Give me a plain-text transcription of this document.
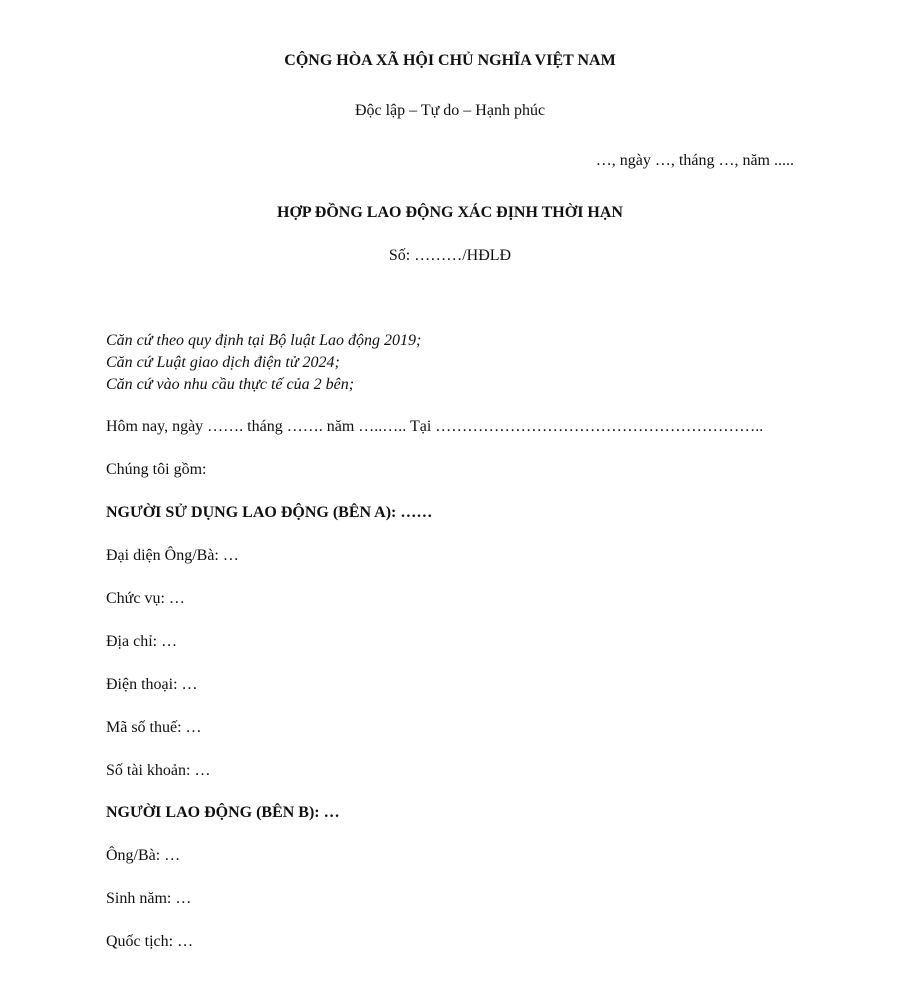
CỘNG HÒA XÃ HỘI CHỦ NGHĨA VIỆT NAM
Độc lập – Tự do – Hạnh phúc
…, ngày …, tháng …, năm .....
HỢP ĐỒNG LAO ĐỘNG XÁC ĐỊNH THỜI HẠN
Số: ………/HĐLĐ
Căn cứ theo quy định tại Bộ luật Lao động 2019;
Căn cứ Luật giao dịch điện tử 2024;
Căn cứ vào nhu cầu thực tế của 2 bên;
Hôm nay, ngày ……. tháng ……. năm …..….. Tại ……………………………………………………..
Chúng tôi gồm:
NGƯỜI SỬ DỤNG LAO ĐỘNG (BÊN A): ……
Đại diện Ông/Bà: …
Chức vụ: …
Địa chỉ: …
Điện thoại: …
Mã số thuế: …
Số tài khoản: …
NGƯỜI LAO ĐỘNG (BÊN B): …
Ông/Bà: …
Sinh năm: …
Quốc tịch: …
